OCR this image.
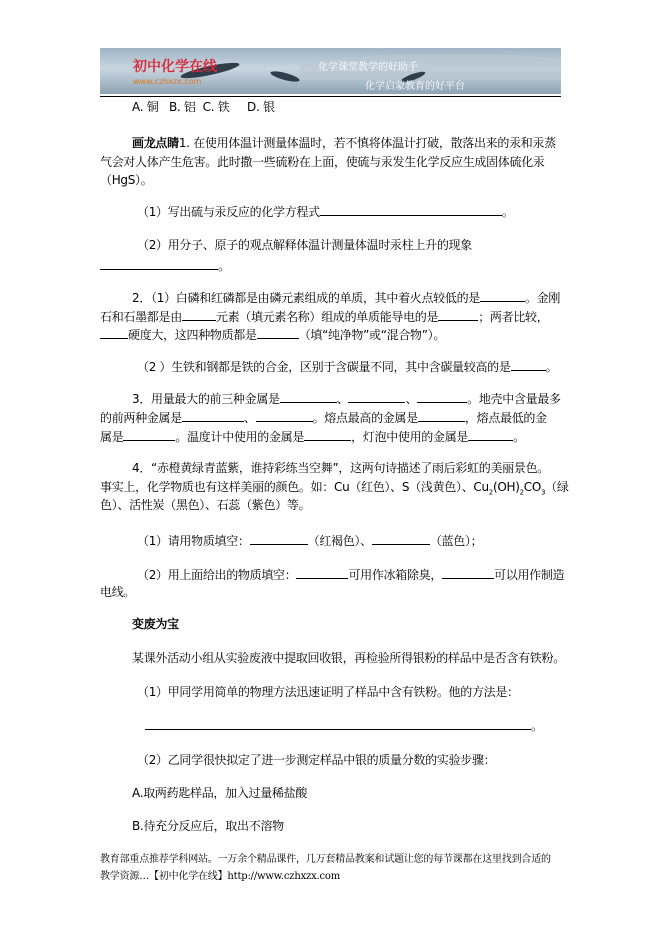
初中化学在线
www.czhxzx.com
化学课堂教学的好助手
化学启蒙教育的好平台
A. 铜   B. 铝  C. 铁     D. 银
画龙点睛1. 在使用体温计测量体温时，若不慎将体温计打破，散落出来的汞和汞蒸
气会对人体产生危害。此时撒一些硫粉在上面，使硫与汞发生化学反应生成固体硫化汞
（HgS）。
（1）写出硫与汞反应的化学方程式	。
（2）用分子、原子的观点解释体温计测量体温时汞柱上升的现象
。
2．（1）白磷和红磷都是由磷元素组成的单质，其中着火点较低的是	。金刚
石和石墨都是由	元素（填元素名称）组成的单质能导电的是	；两者比较，
硬度大，这四种物质都是	（填“纯净物”或“混合物”）。
（2 ）生铁和钢都是铁的合金，区别于含碳量不同，其中含碳量较高的是	。
3．用量最大的前三种金属是	、	、	。地壳中含量最多
的前两种金属是	、	。熔点最高的金属是	，熔点最低的金
属是	。温度计中使用的金属是	，灯泡中使用的金属是	。
4．“赤橙黄绿青蓝紫，谁持彩练当空舞”，这两句诗描述了雨后彩虹的美丽景色。
事实上，化学物质也有这样美丽的颜色。如：Cu（红色）、S（浅黄色）、$Cu_2(OH)_2CO_3$（绿
色）、活性炭（黑色）、石蕊（紫色）等。
（1）请用物质填空：	（红褐色）、	（蓝色）；
（2）用上面给出的物质填空：	可用作冰箱除臭，	可以用作制造
电线。
变废为宝
某课外活动小组从实验废液中提取回收银，再检验所得银粉的样品中是否含有铁粉。
（1）甲同学用简单的物理方法迅速证明了样品中含有铁粉。他的方法是：
。
（2）乙同学很快拟定了进一步测定样品中银的质量分数的实验步骤：
A.取两药匙样品，加入过量稀盐酸
B.待充分反应后，取出不溶物
教育部重点推荐学科网站。一万余个精品课件，几万套精品教案和试题让您的每节课都在这里找到合适的
教学资源…【初中化学在线】http://www.czhxzx.com
